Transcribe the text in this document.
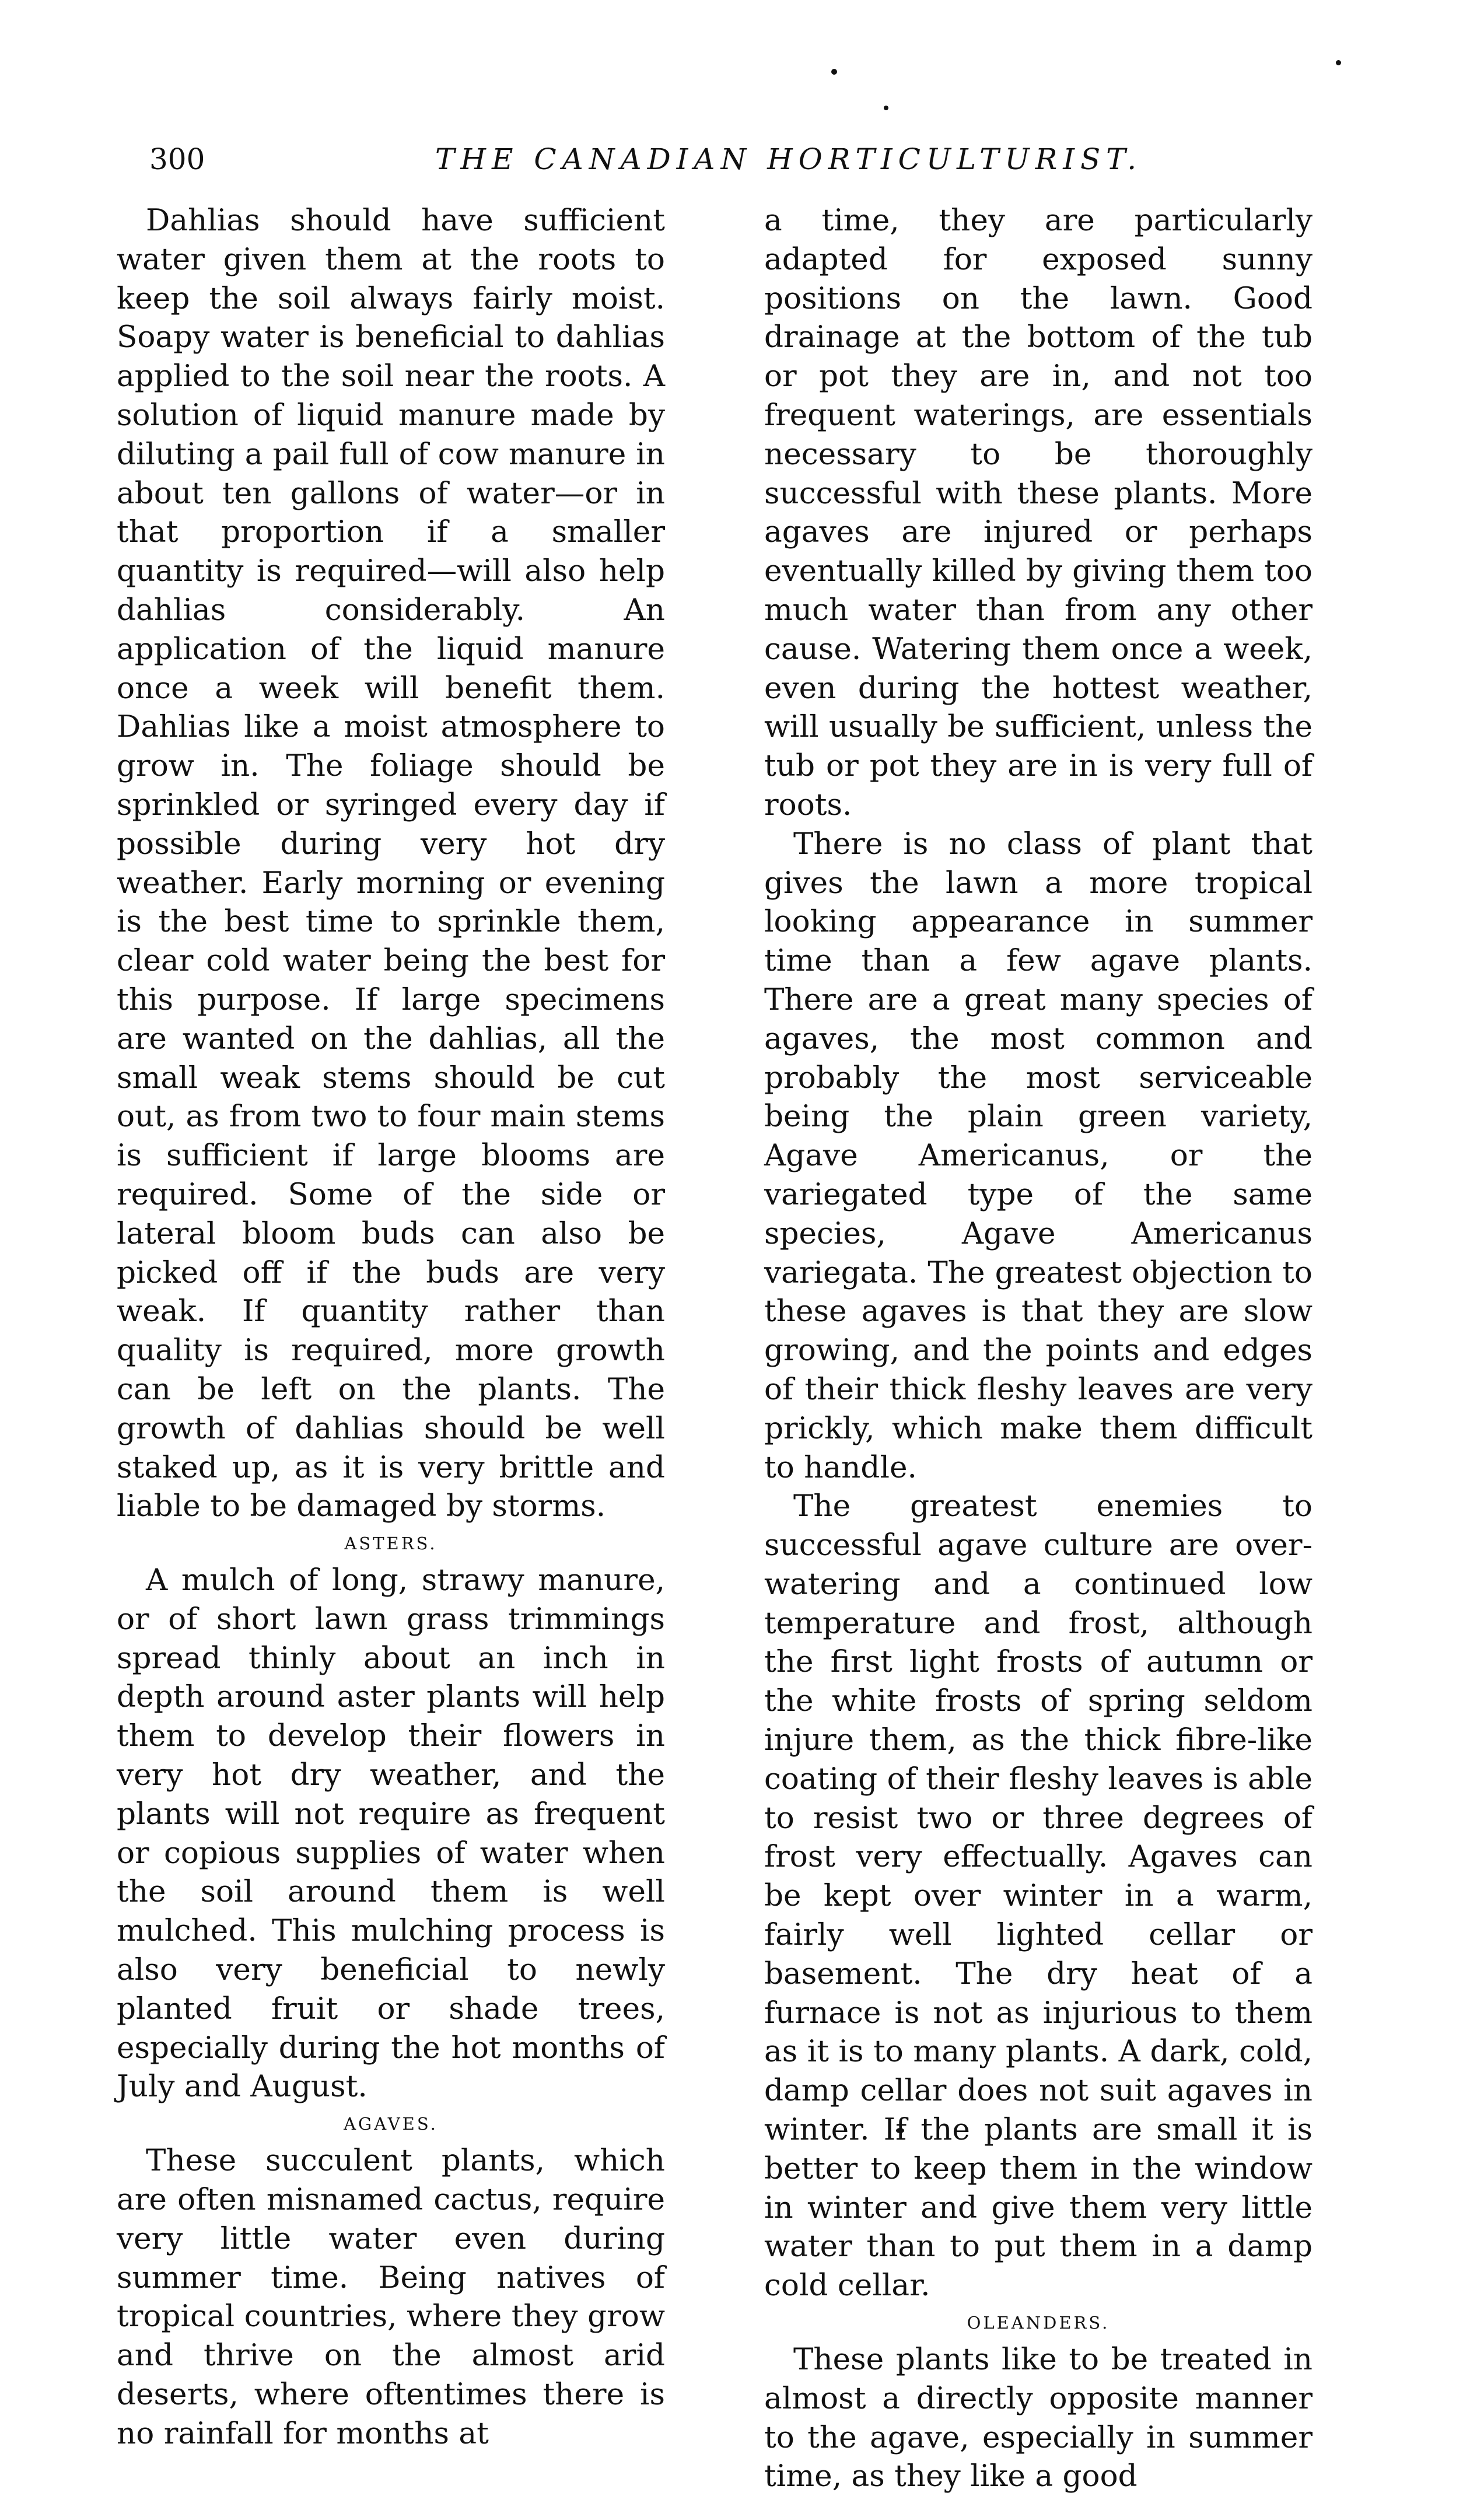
300	THE CANADIAN HORTICULTURIST.

Dahlias should have sufficient water given them at the roots to keep the soil always fairly moist. Soapy water is beneficial to dahlias applied to the soil near the roots. A solution of liquid manure made by diluting a pail full of cow manure in about ten gallons of water—or in that proportion if a smaller quantity is required—will also help dahlias considerably. An application of the liquid manure once a week will benefit them. Dahlias like a moist atmosphere to grow in. The foliage should be sprinkled or syringed every day if possible during very hot dry weather. Early morning or evening is the best time to sprinkle them, clear cold water being the best for this purpose. If large specimens are wanted on the dahlias, all the small weak stems should be cut out, as from two to four main stems is sufficient if large blooms are required. Some of the side or lateral bloom buds can also be picked off if the buds are very weak. If quantity rather than quality is required, more growth can be left on the plants. The growth of dahlias should be well staked up, as it is very brittle and liable to be damaged by storms.

ASTERS.

A mulch of long, strawy manure, or of short lawn grass trimmings spread thinly about an inch in depth around aster plants will help them to develop their flowers in very hot dry weather, and the plants will not require as frequent or copious supplies of water when the soil around them is well mulched. This mulching process is also very beneficial to newly planted fruit or shade trees, especially during the hot months of July and August.

AGAVES.

These succulent plants, which are often misnamed cactus, require very little water even during summer time. Being natives of tropical countries, where they grow and thrive on the almost arid deserts, where oftentimes there is no rainfall for months at

a time, they are particularly adapted for exposed sunny positions on the lawn. Good drainage at the bottom of the tub or pot they are in, and not too frequent waterings, are essentials necessary to be thoroughly successful with these plants. More agaves are injured or perhaps eventually killed by giving them too much water than from any other cause. Watering them once a week, even during the hottest weather, will usually be sufficient, unless the tub or pot they are in is very full of roots.

There is no class of plant that gives the lawn a more tropical looking appearance in summer time than a few agave plants. There are a great many species of agaves, the most common and probably the most serviceable being the plain green variety, Agave Americanus, or the variegated type of the same species, Agave Americanus variegata. The greatest objection to these agaves is that they are slow growing, and the points and edges of their thick fleshy leaves are very prickly, which make them difficult to handle.

The greatest enemies to successful agave culture are over-watering and a continued low temperature and frost, although the first light frosts of autumn or the white frosts of spring seldom injure them, as the thick fibre-like coating of their fleshy leaves is able to resist two or three degrees of frost very effectually. Agaves can be kept over winter in a warm, fairly well lighted cellar or basement. The dry heat of a furnace is not as injurious to them as it is to many plants. A dark, cold, damp cellar does not suit agaves in winter. If the plants are small it is better to keep them in the window in winter and give them very little water than to put them in a damp cold cellar.

OLEANDERS.

These plants like to be treated in almost a directly opposite manner to the agave, especially in summer time, as they like a good
